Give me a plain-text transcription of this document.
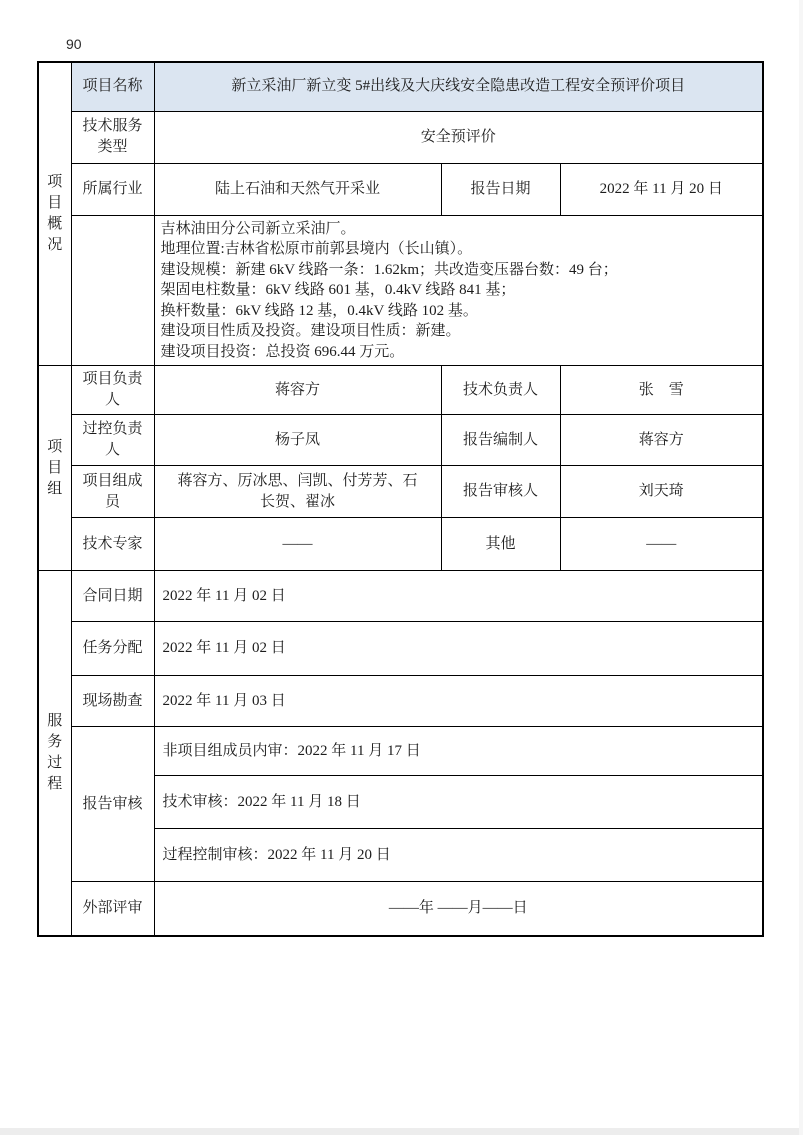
90
项目概况	项目名称	新立采油厂新立变 5#出线及大庆线安全隐患改造工程安全预评价项目		
	技术服务类型	安全预评价		
	所属行业	陆上石油和天然气开采业	报告日期	2022 年 11 月 20 日

吉林油田分公司新立采油厂。
地理位置:吉林省松原市前郭县境内（长山镇）。
建设规模：新建 6kV 线路一条：1.62km；共改造变压器台数：49 台；
架固电柱数量：6kV 线路 601 基，0.4kV 线路 841 基；
换杆数量：6kV 线路 12 基，0.4kV 线路 102 基。
建设项目性质及投资。建设项目性质：新建。
建设项目投资：总投资 696.44 万元。

项目组	项目负责人	蒋容方	技术负责人	张　雪
	过控负责人	杨子凤	报告编制人	蒋容方
	项目组成员	蒋容方、厉冰思、闫凯、付芳芳、石长贺、翟冰	报告审核人	刘天琦
	技术专家	——	其他	——
服务过程	合同日期	2022 年 11 月 02 日		
	任务分配	2022 年 11 月 02 日		
	现场勘查	2022 年 11 月 03 日		
	报告审核	非项目组成员内审：2022 年 11 月 17 日		
		技术审核：2022 年 11 月 18 日		
		过程控制审核：2022 年 11 月 20 日		
	外部评审	——年 ——月——日		
